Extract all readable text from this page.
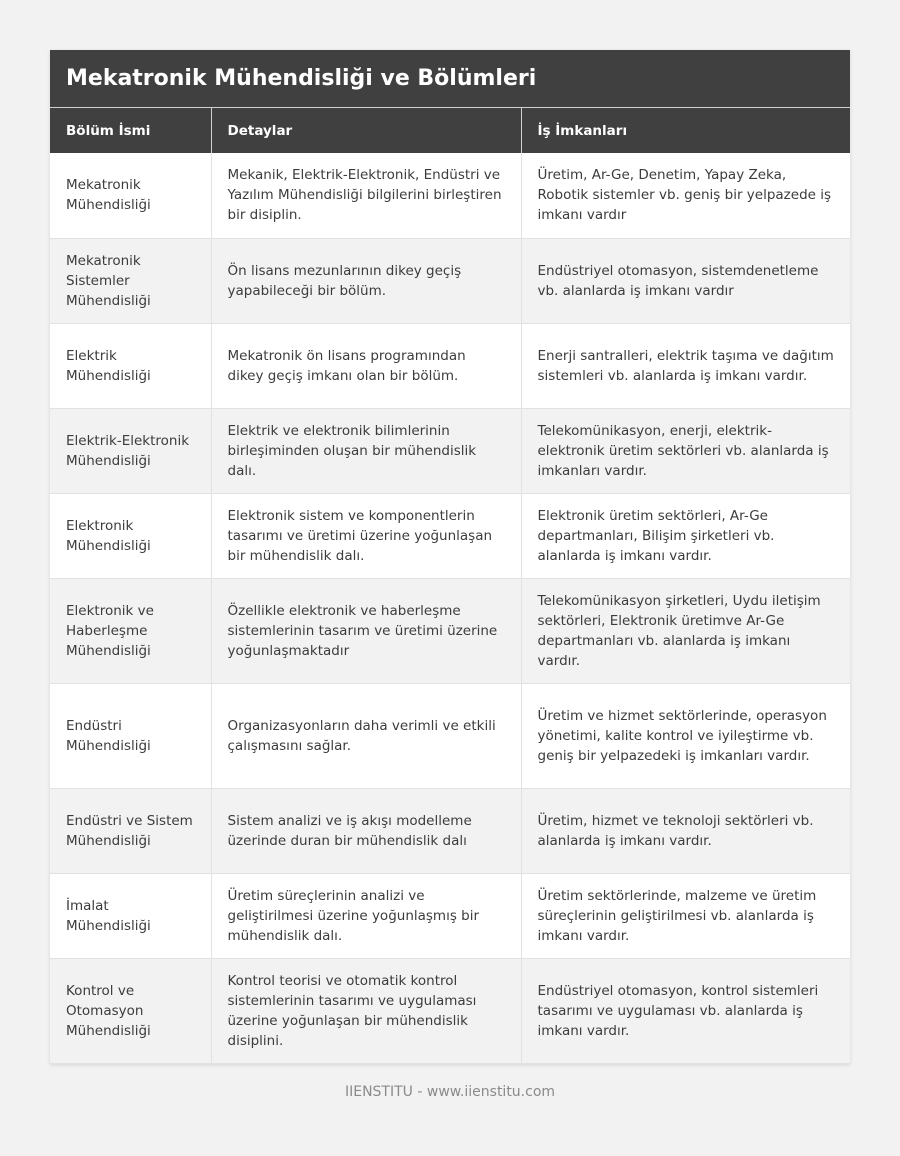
Mekatronik Mühendisliği ve Bölümleri
Bölüm İsmi	Detaylar	İş İmkanları
Mekatronik Mühendisliği	Mekanik, Elektrik-Elektronik, Endüstri ve Yazılım Mühendisliği bilgilerini birleştiren bir disiplin.	Üretim, Ar-Ge, Denetim, Yapay Zeka, Robotik sistemler vb. geniş bir yelpazede iş imkanı vardır
Mekatronik Sistemler Mühendisliği	Ön lisans mezunlarının dikey geçiş yapabileceği bir bölüm.	Endüstriyel otomasyon, sistemdenetleme vb. alanlarda iş imkanı vardır
Elektrik Mühendisliği	Mekatronik ön lisans programından dikey geçiş imkanı olan bir bölüm.	Enerji santralleri, elektrik taşıma ve dağıtım sistemleri vb. alanlarda iş imkanı vardır.
Elektrik-Elektronik Mühendisliği	Elektrik ve elektronik bilimlerinin birleşiminden oluşan bir mühendislik dalı.	Telekomünikasyon, enerji, elektrik-elektronik üretim sektörleri vb. alanlarda iş imkanları vardır.
Elektronik Mühendisliği	Elektronik sistem ve komponentlerin tasarımı ve üretimi üzerine yoğunlaşan bir mühendislik dalı.	Elektronik üretim sektörleri, Ar-Ge departmanları, Bilişim şirketleri vb. alanlarda iş imkanı vardır.
Elektronik ve Haberleşme Mühendisliği	Özellikle elektronik ve haberleşme sistemlerinin tasarım ve üretimi üzerine yoğunlaşmaktadır	Telekomünikasyon şirketleri, Uydu iletişim sektörleri, Elektronik üretimve Ar-Ge departmanları vb. alanlarda iş imkanı vardır.
Endüstri Mühendisliği	Organizasyonların daha verimli ve etkili çalışmasını sağlar.	Üretim ve hizmet sektörlerinde, operasyon yönetimi, kalite kontrol ve iyileştirme vb. geniş bir yelpazedeki iş imkanları vardır.
Endüstri ve Sistem Mühendisliği	Sistem analizi ve iş akışı modelleme üzerinde duran bir mühendislik dalı	Üretim, hizmet ve teknoloji sektörleri vb. alanlarda iş imkanı vardır.
İmalat Mühendisliği	Üretim süreçlerinin analizi ve geliştirilmesi üzerine yoğunlaşmış bir mühendislik dalı.	Üretim sektörlerinde, malzeme ve üretim süreçlerinin geliştirilmesi vb. alanlarda iş imkanı vardır.
Kontrol ve Otomasyon Mühendisliği	Kontrol teorisi ve otomatik kontrol sistemlerinin tasarımı ve uygulaması üzerine yoğunlaşan bir mühendislik disiplini.	Endüstriyel otomasyon, kontrol sistemleri tasarımı ve uygulaması vb. alanlarda iş imkanı vardır.
IIENSTITU - www.iienstitu.com
